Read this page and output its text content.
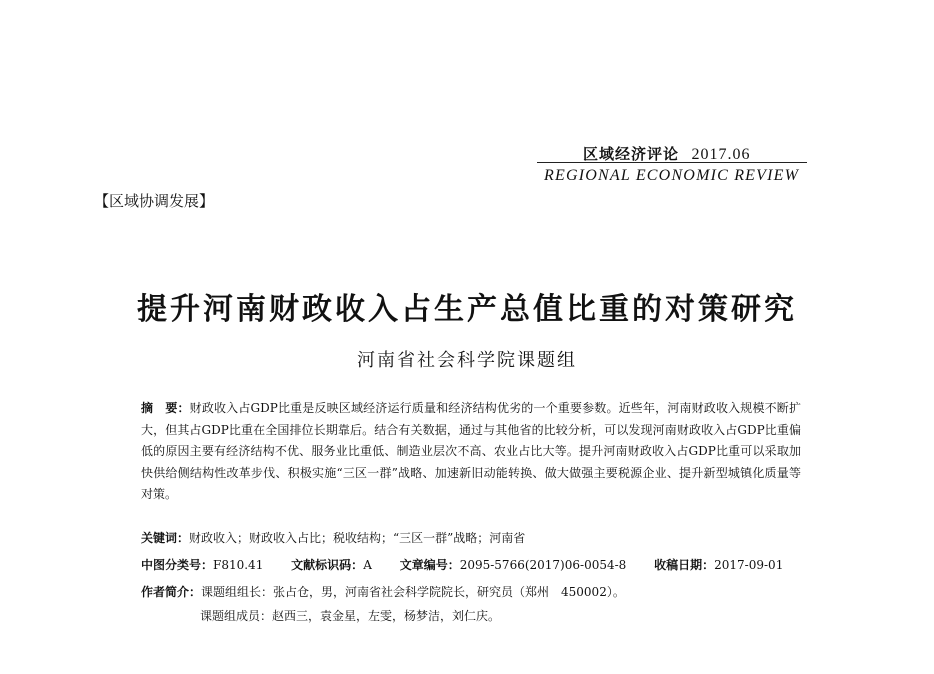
区域经济评论 2017.06
REGIONAL ECONOMIC REVIEW
【区域协调发展】
提升河南财政收入占生产总值比重的对策研究
河南省社会科学院课题组

摘　要：财政收入占GDP比重是反映区域经济运行质量和经济结构优劣的一个重要参数。近些年，河南财政收入规模不断扩大，但其占GDP比重在全国排位长期靠后。结合有关数据，通过与其他省的比较分析，可以发现河南财政收入占GDP比重偏低的原因主要有经济结构不优、服务业比重低、制造业层次不高、农业占比大等。提升河南财政收入占GDP比重可以采取加快供给侧结构性改革步伐、积极实施“三区一群”战略、加速新旧动能转换、做大做强主要税源企业、提升新型城镇化质量等对策。

关键词：财政收入；财政收入占比；税收结构；“三区一群”战略；河南省

中图分类号：F810.41 文献标识码：A 文章编号：2095-5766(2017)06-0054-8 收稿日期：2017-09-01

作者简介：课题组组长：张占仓，男，河南省社会科学院院长，研究员（郑州　450002）。

课题组成员：赵西三，袁金星，左雯，杨梦洁，刘仁庆。
